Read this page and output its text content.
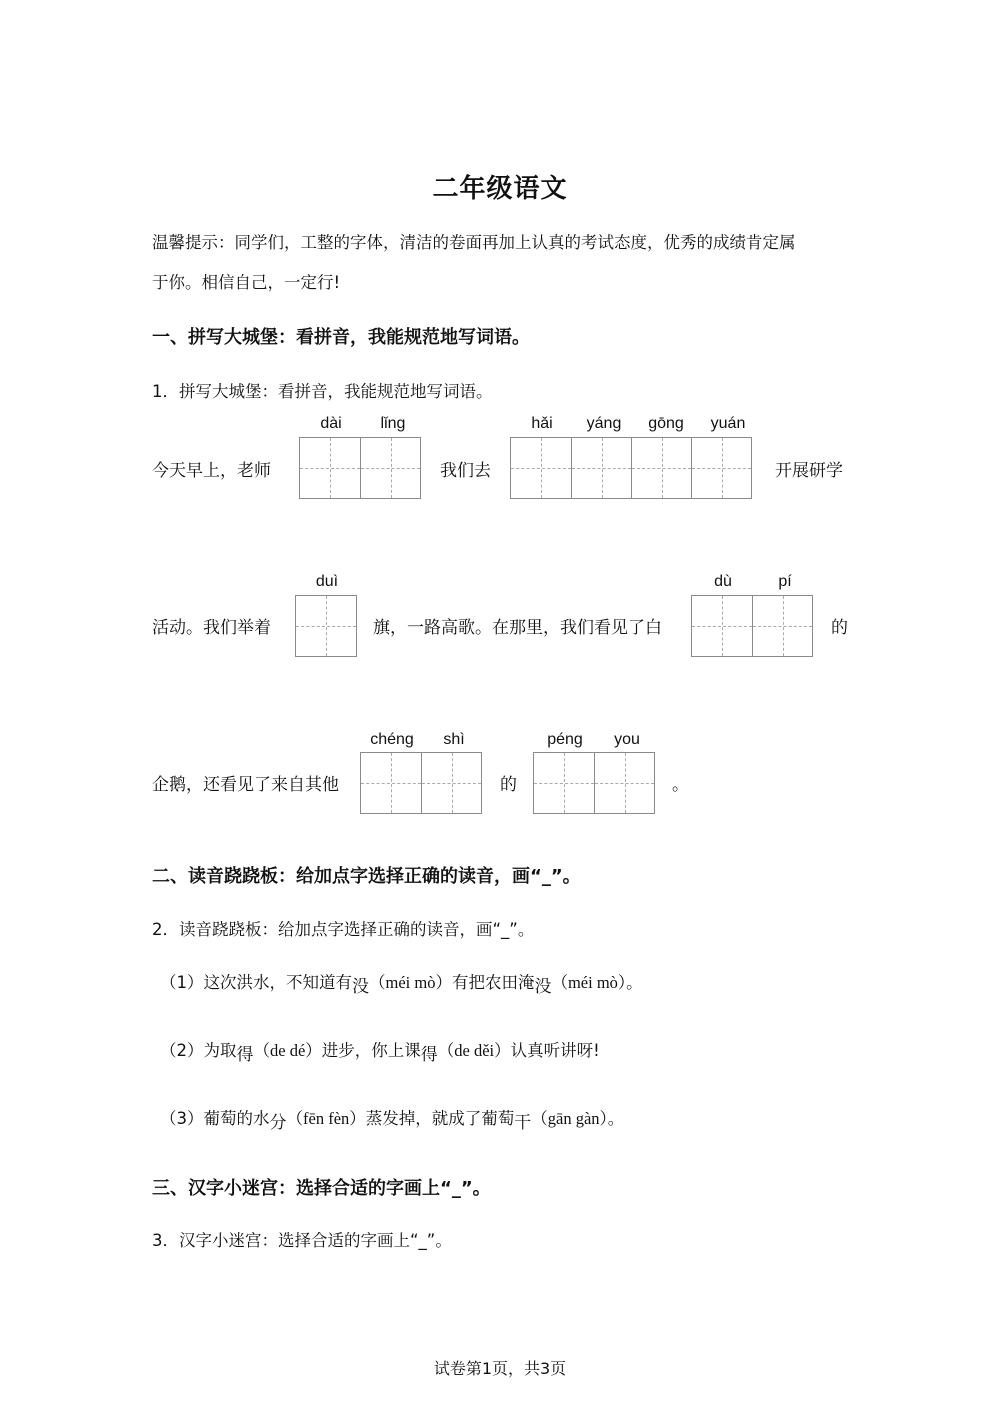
二年级语文
温馨提示：同学们，工整的字体，清洁的卷面再加上认真的考试态度，优秀的成绩肯定属
于你。相信自己，一定行!
一、拼写大城堡：看拼音，我能规范地写词语。
1．拼写大城堡：看拼音，我能规范地写词语。
今天早上，老师
dài	lǐng
我们去
hǎi	yáng	gōng	yuán
开展研学
活动。我们举着
duì
旗，一路高歌。在那里，我们看见了白
dù	pí
的
企鹅，还看见了来自其他
chéng	shì
的
péng	you
。
二、读音跷跷板：给加点字选择正确的读音，画“_”。
2．读音跷跷板：给加点字选择正确的读音，画“_”。
（1）这次洪水，不知道有没（méi mò）有把农田淹没（méi mò）。
（2）为取得（de dé）进步，你上课得（de děi）认真听讲呀!
（3）葡萄的水分（fēn fèn）蒸发掉，就成了葡萄干（gān gàn）。
三、汉字小迷宫：选择合适的字画上“_”。
3．汉字小迷宫：选择合适的字画上“_”。
试卷第1页，共3页
